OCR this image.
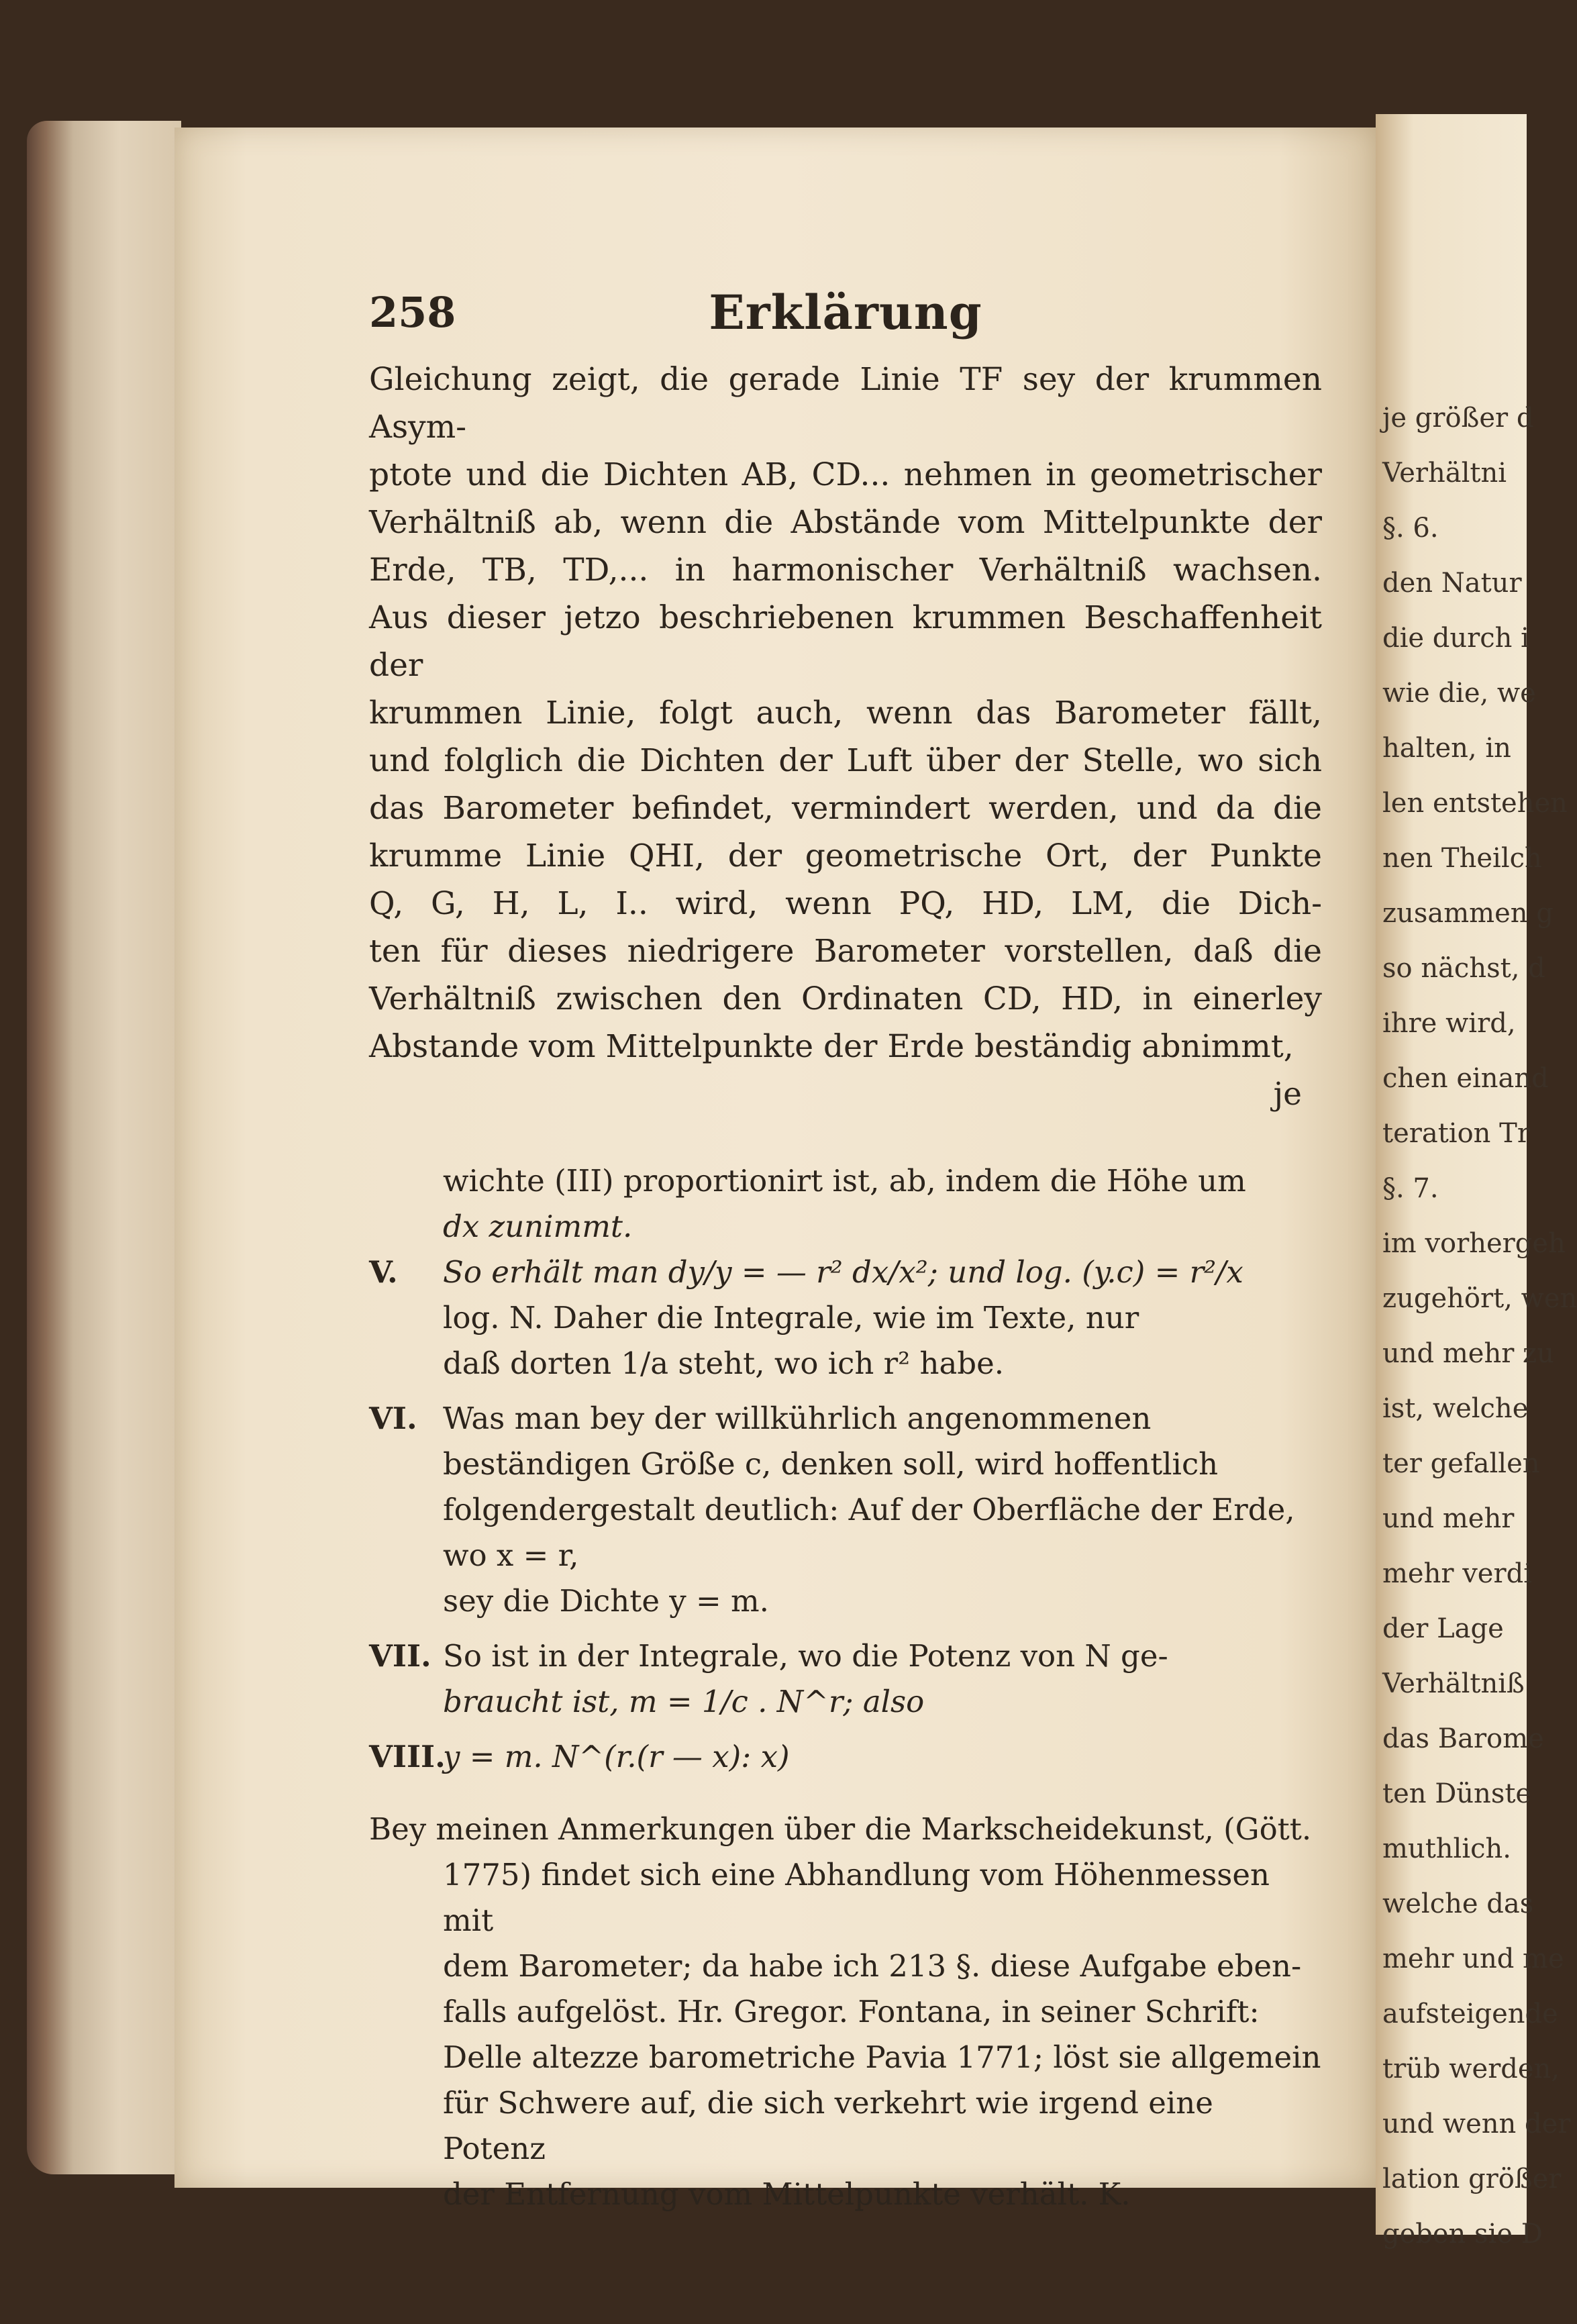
je größer d
Verhältni
§. 6.
den Natur
die durch i
wie die, we
halten, in
len entstehen
nen Theilch
zusammen g
so nächst, d
ihre wird,
chen einand
teration Tr
§. 7.
im vorhergeh
zugehört, wen
und mehr zu
ist, welche
ter gefallen
und mehr
mehr verdi
der Lage
Verhältniß
das Barome
ten Dünste
muthlich.
welche das
mehr und me
aufsteigende
trüb werden,
und wenn der
lation größer
geben sie D
258	Erklärung

Gleichung zeigt, die gerade Linie TF sey der krummen Asym-

ptote und die Dichten AB, CD... nehmen in geometrischer

Verhältniß ab, wenn die Abstände vom Mittelpunkte der

Erde, TB, TD,... in harmonischer Verhältniß wachsen.

Aus dieser jetzo beschriebenen krummen Beschaffenheit der

krummen Linie, folgt auch, wenn das Barometer fällt,

und folglich die Dichten der Luft über der Stelle, wo sich

das Barometer befindet, vermindert werden, und da die

krumme Linie QHI, der geometrische Ort, der Punkte

Q, G, H, L, I.. wird, wenn PQ, HD, LM, die Dich-

ten für dieses niedrigere Barometer vorstellen, daß die

Verhältniß zwischen den Ordinaten CD, HD, in einerley

Abstande vom Mittelpunkte der Erde beständig abnimmt,

je
wichte (III) proportionirt ist, ab, indem die Höhe um
dx zunimmt.
V.	So erhält man dy/y = — r² dx/x²; und log. (y.c) = r²/x

log. N. Daher die Integrale, wie im Texte, nur

daß dorten 1/a steht, wo ich r² habe.

VI. Was man bey der willkührlich angenommenen beständigen Größe c, denken soll, wird hoffentlich folgendergestalt deutlich: Auf der Oberfläche der Erde, wo x = r,

sey die Dichte y = m.

VII. So ist in der Integrale, wo die Potenz von N ge-

braucht ist, m = 1/c . N^r; also

VIII.

y = m. N^(r.(r — x): x)

Bey meinen Anmerkungen über die Markscheidekunst, (Gött.

1775) findet sich eine Abhandlung vom Höhenmessen mit

dem Barometer; da habe ich 213 §. diese Aufgabe eben-

falls aufgelöst. Hr. Gregor. Fontana, in seiner Schrift:

Delle altezze barometriche Pavia 1771; löst sie allgemein

für Schwere auf, die sich verkehrt wie irgend eine Potenz

der Entfernung vom Mittelpunkte verhält. K.
